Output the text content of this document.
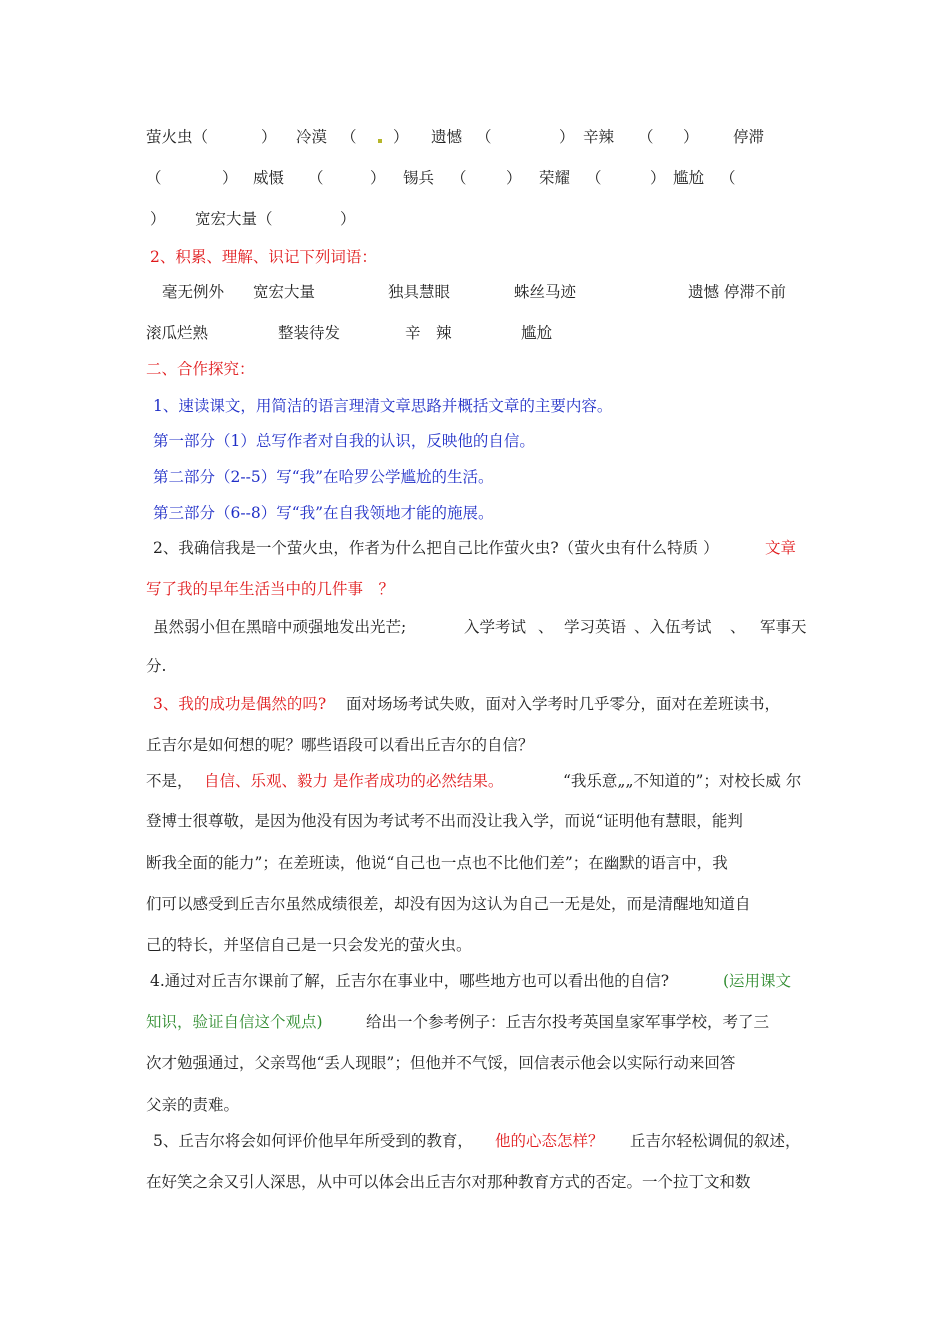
萤火虫（	） 冷漠 （ ） 遗憾 （	） 辛辣 （ ） 停滞
（	） 威慑 （	） 锡兵 （	） 荣耀 （	） 尴尬 （
） 宽宏大量（	）
2、积累、理解、识记下列词语：
毫无例外 宽宏大量	独具慧眼	蛛丝马迹	遗憾 停滞不前
滚瓜烂熟	整装待发	辛　辣	尴尬
二、合作探究：
1、速读课文，用简洁的语言理清文章思路并概括文章的主要内容。
第一部分（1）总写作者对自我的认识，反映他的自信。
第二部分（2--5）写“我”在哈罗公学尴尬的生活。
第三部分（6--8）写“我”在自我领地才能的施展。
2、我确信我是一个萤火虫，作者为什么把自己比作萤火虫?（萤火虫有什么特质 ）	文章
写了我的早年生活当中的几件事　？
虽然弱小但在黑暗中顽强地发出光芒;	入学考试 、 学习英语 、入伍考试 、 军事天
分.
3、我的成功是偶然的吗? 面对场场考试失败，面对入学考时几乎零分，面对在差班读书，
丘吉尔是如何想的呢？哪些语段可以看出丘吉尔的自信？
不是， 自信、乐观、毅力 是作者成功的必然结果。	“我乐意„„不知道的”；对校长威 尔
登博士很尊敬，是因为他没有因为考试考不出而没让我入学，而说“证明他有慧眼，能判
断我全面的能力”；在差班读，他说“自己也一点也不比他们差”；在幽默的语言中，我
们可以感受到丘吉尔虽然成绩很差，却没有因为这认为自己一无是处，而是清醒地知道自
己的特长，并坚信自己是一只会发光的萤火虫。
4.通过对丘吉尔课前了解，丘吉尔在事业中，哪些地方也可以看出他的自信?	(运用课文
知识，验证自信这个观点)	给出一个参考例子：丘吉尔投考英国皇家军事学校，考了三
次才勉强通过，父亲骂他“丢人现眼”；但他并不气馁，回信表示他会以实际行动来回答
父亲的责难。
5、丘吉尔将会如何评价他早年所受到的教育， 他的心态怎样？ 丘吉尔轻松调侃的叙述，
在好笑之余又引人深思，从中可以体会出丘吉尔对那种教育方式的否定。一个拉丁文和数
